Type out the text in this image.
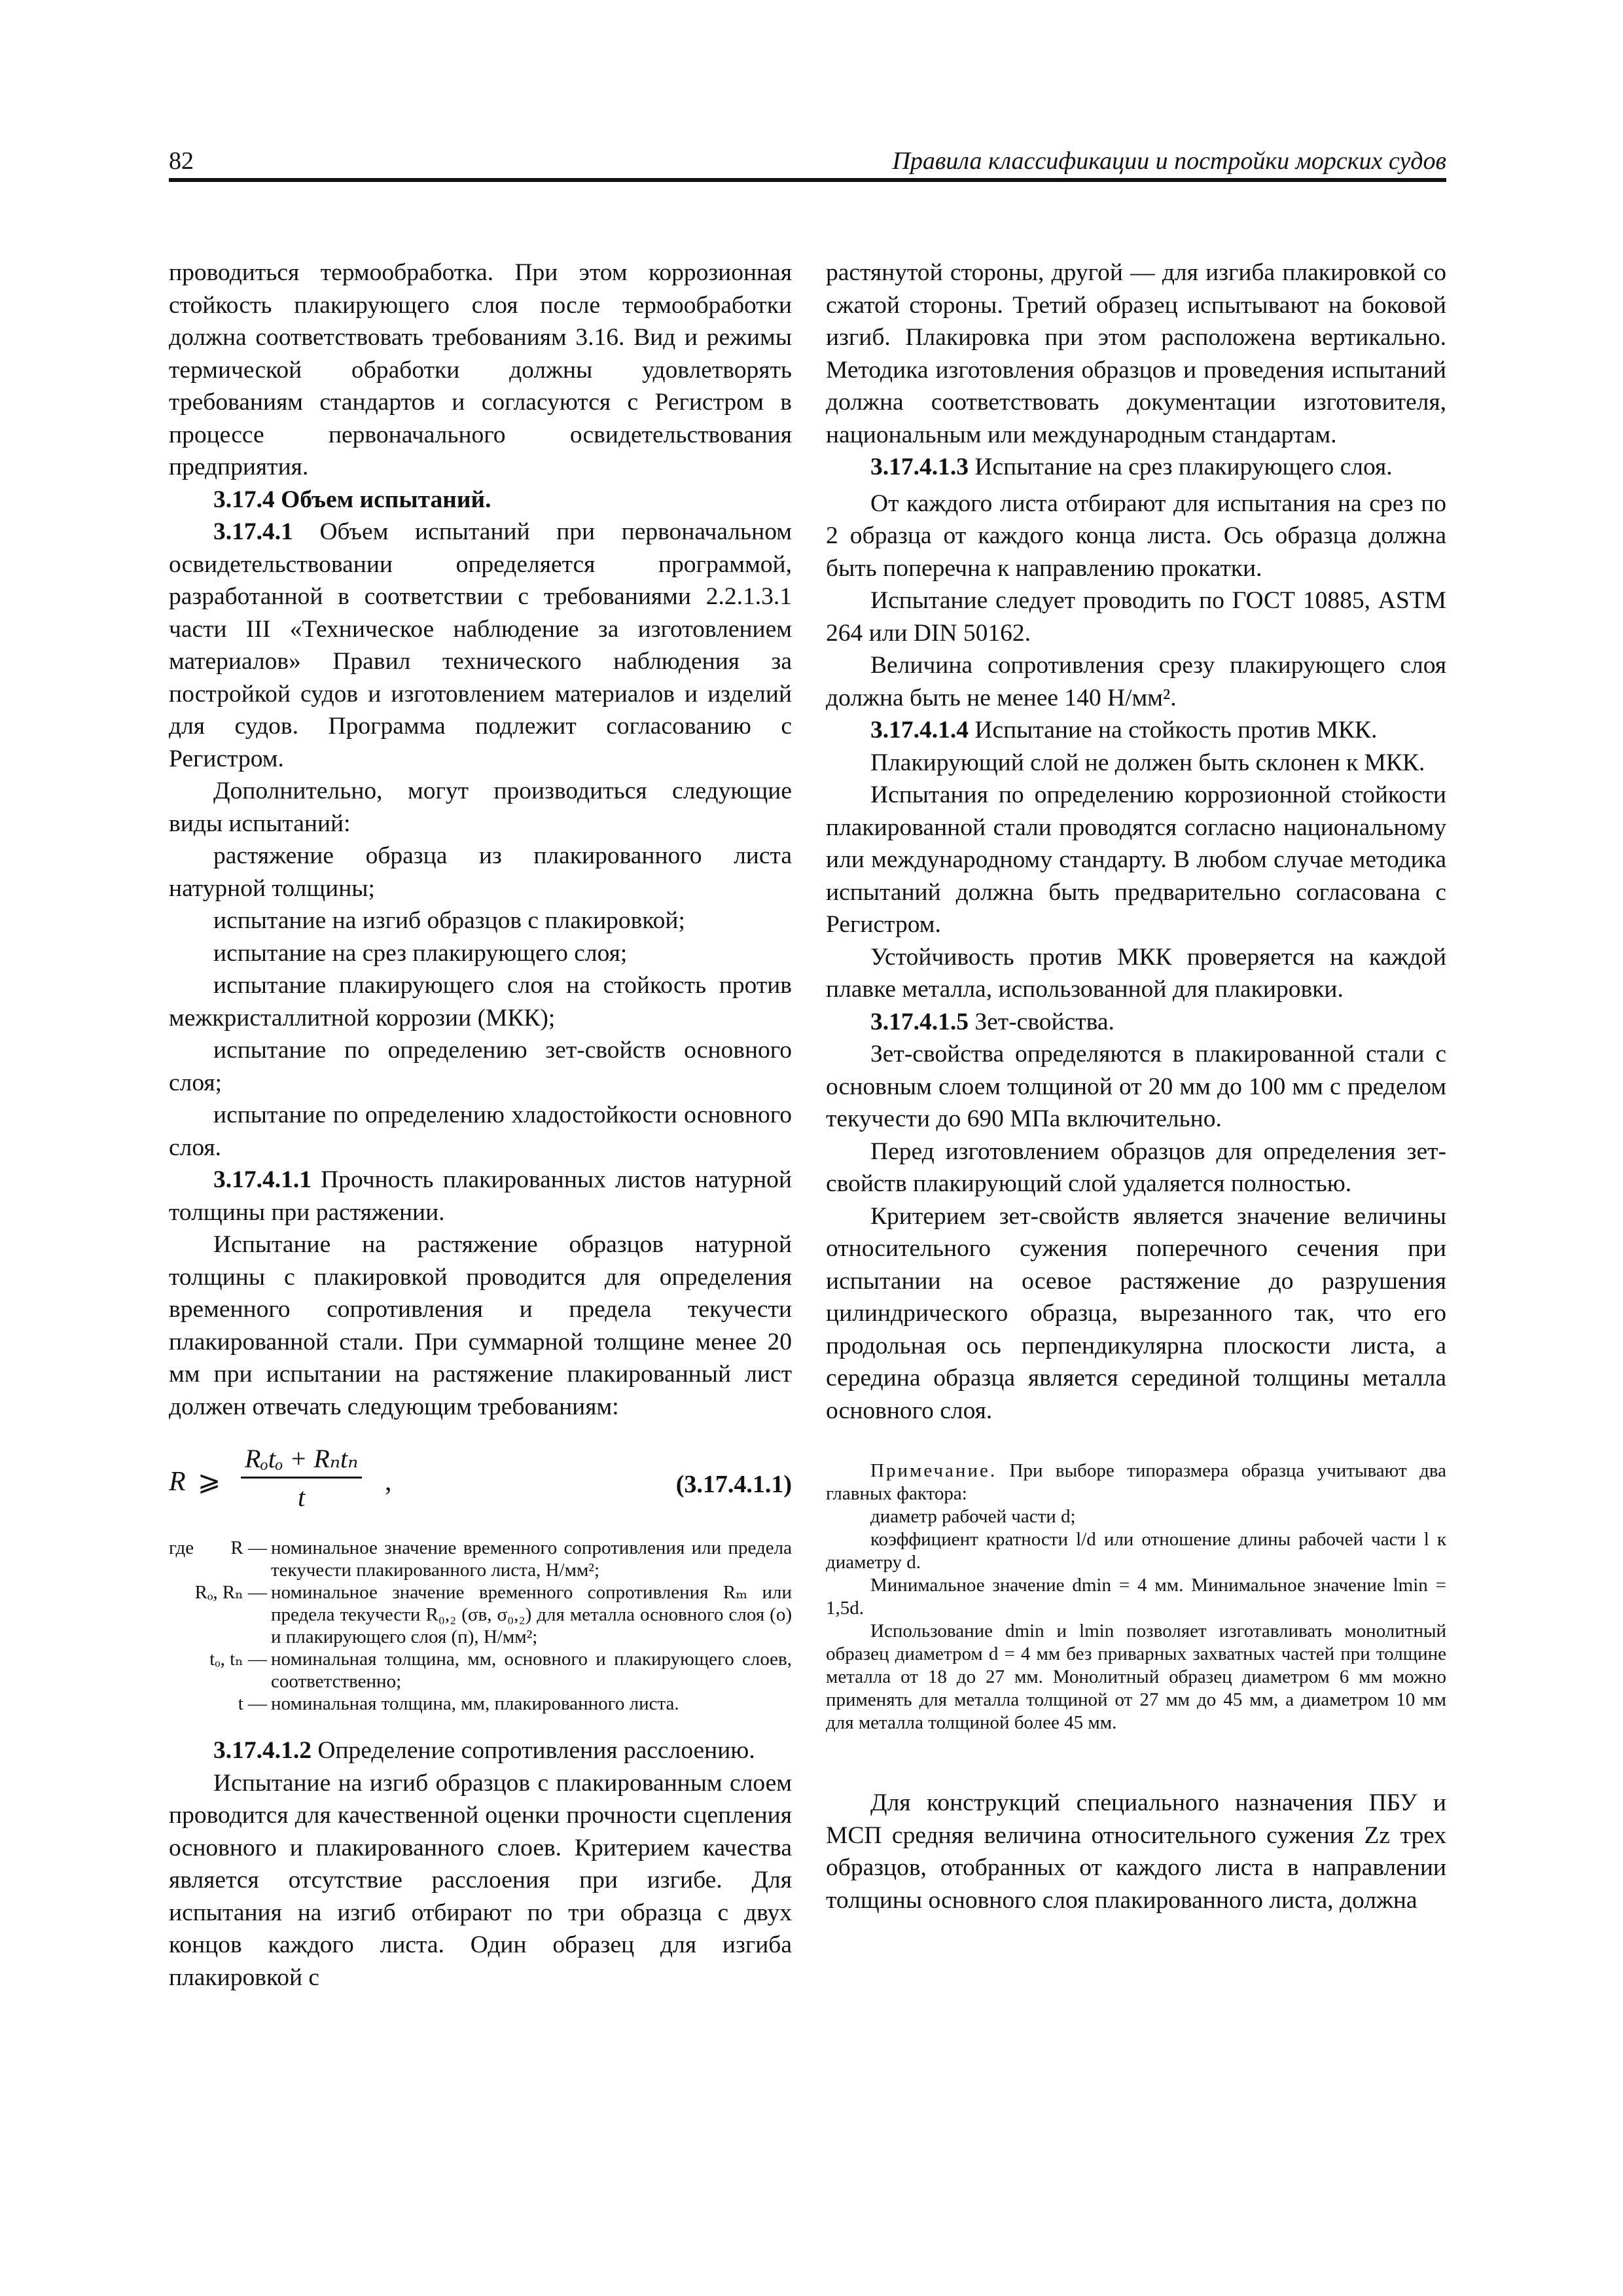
82	Правила классификации и постройки морских судов

проводиться термообработка. При этом коррозионная стойкость плакирующего слоя после термообработки должна соответствовать требованиям 3.16. Вид и режимы термической обработки должны удовлетворять требованиям стандартов и согласуются с Регистром в процессе первоначального освидетельствования предприятия.

3.17.4 Объем испытаний.

3.17.4.1 Объем испытаний при первоначальном освидетельствовании определяется программой, разработанной в соответствии с требованиями 2.2.1.3.1 части III «Техническое наблюдение за изготовлением материалов» Правил технического наблюдения за постройкой судов и изготовлением материалов и изделий для судов. Программа подлежит согласованию с Регистром.

Дополнительно, могут производиться следующие виды испытаний:

растяжение образца из плакированного листа натурной толщины;

испытание на изгиб образцов с плакировкой;

испытание на срез плакирующего слоя;

испытание плакирующего слоя на стойкость против межкристаллитной коррозии (МКК);

испытание по определению зет-свойств основного слоя;

испытание по определению хладостойкости основного слоя.

3.17.4.1.1 Прочность плакированных листов натурной толщины при растяжении.

Испытание на растяжение образцов натурной толщины с плакировкой проводится для определения временного сопротивления и предела текучести плакированной стали. При суммарной толщине менее 20 мм при испытании на растяжение плакированный лист должен отвечать следующим требованиям:

R ⩾
Rₒtₒ + Rₙtₙ
t	,	(3.17.4.1.1)
где	R — номинальное значение временного сопротивления или предела текучести плакированного листа, Н/мм²;
Rₒ, Rₙ — номинальное значение временного сопротивления Rₘ или предела текучести R₀,₂ (σв, σ₀,₂) для металла основного слоя (о) и плакирующего слоя (п), Н/мм²;
tₒ, tₙ — номинальная толщина, мм, основного и плакирующего слоев, соответственно;
t — номинальная толщина, мм, плакированного листа.

3.17.4.1.2 Определение сопротивления расслоению.

Испытание на изгиб образцов с плакированным слоем проводится для качественной оценки прочности сцепления основного и плакированного слоев. Критерием качества является отсутствие расслоения при изгибе. Для испытания на изгиб отбирают по три образца с двух концов каждого листа. Один образец для изгиба плакировкой с

растянутой стороны, другой — для изгиба плакировкой со сжатой стороны. Третий образец испытывают на боковой изгиб. Плакировка при этом расположена вертикально. Методика изготовления образцов и проведения испытаний должна соответствовать документации изготовителя, национальным или международным стандартам.

3.17.4.1.3 Испытание на срез плакирующего слоя.

От каждого листа отбирают для испытания на срез по 2 образца от каждого конца листа. Ось образца должна быть поперечна к направлению прокатки.

Испытание следует проводить по ГОСТ 10885, ASTM 264 или DIN 50162.

Величина сопротивления срезу плакирующего слоя должна быть не менее 140 Н/мм².

3.17.4.1.4 Испытание на стойкость против МКК.

Плакирующий слой не должен быть склонен к МКК.

Испытания по определению коррозионной стойкости плакированной стали проводятся согласно национальному или международному стандарту. В любом случае методика испытаний должна быть предварительно согласована с Регистром.

Устойчивость против МКК проверяется на каждой плавке металла, использованной для плакировки.

3.17.4.1.5 Зет-свойства.

Зет-свойства определяются в плакированной стали с основным слоем толщиной от 20 мм до 100 мм с пределом текучести до 690 МПа включительно.

Перед изготовлением образцов для определения зет-свойств плакирующий слой удаляется полностью.

Критерием зет-свойств является значение величины относительного сужения поперечного сечения при испытании на осевое растяжение до разрушения цилиндрического образца, вырезанного так, что его продольная ось перпендикулярна плоскости листа, а середина образца является серединой толщины металла основного слоя.

Примечание. При выборе типоразмера образца учитывают два главных фактора:

диаметр рабочей части d;

коэффициент кратности l/d или отношение длины рабочей части l к диаметру d.

Минимальное значение dmin = 4 мм. Минимальное значение lmin = 1,5d.

Использование dmin и lmin позволяет изготавливать монолитный образец диаметром d = 4 мм без приварных захватных частей при толщине металла от 18 до 27 мм. Монолитный образец диаметром 6 мм можно применять для металла толщиной от 27 мм до 45 мм, а диаметром 10 мм для металла толщиной более 45 мм.

Для конструкций специального назначения ПБУ и МСП средняя величина относительного сужения Zz трех образцов, отобранных от каждого листа в направлении толщины основного слоя плакированного листа, должна
